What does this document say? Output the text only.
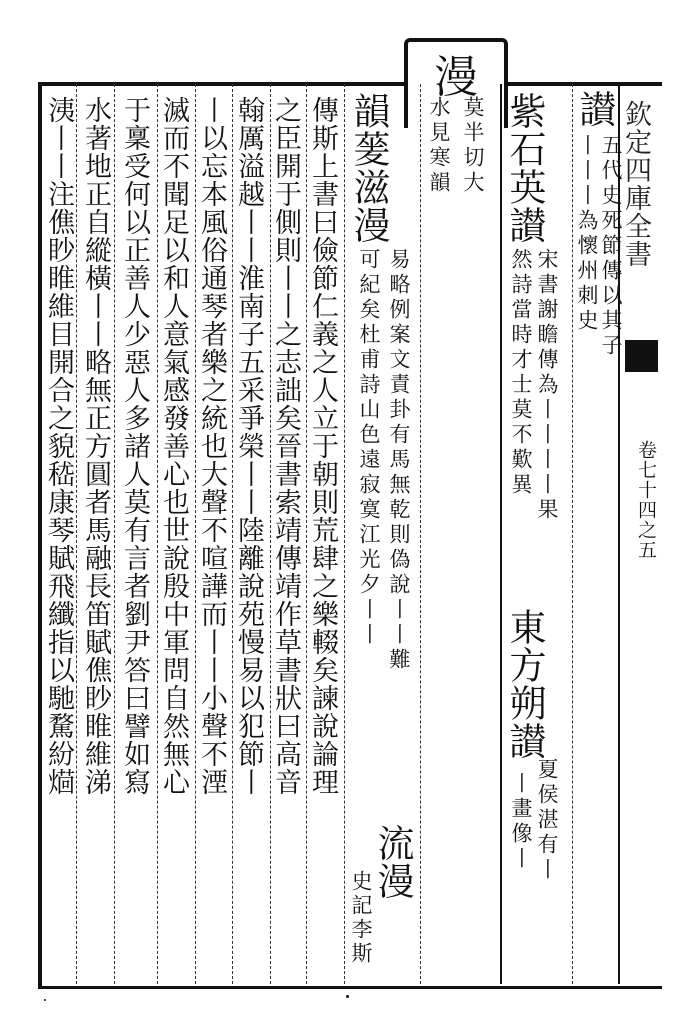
漫
欽定四庫全書
卷七十四之五
讃
五代史死節傳以其子
丨丨丨為懷州刺史
紫石英讃
宋書謝瞻傳為丨丨丨丨果
然詩當時才士莫不歎異
東方朔讃
夏侯湛有丨
丨畫像丨
莫半切大
水見寒韻
韻蓌滋漫
易略例案文責卦有馬無乾則偽說丨丨難
可紀矣杜甫詩山色遠寂寞江光夕丨丨
流漫
史記李斯
傳斯上書曰儉節仁義之人立于朝則荒肆之樂輟矣諫說論理
之臣開于側則丨丨之志詘矣晉書索靖傳靖作草書狀曰高音
翰厲溢越丨丨淮南子五采爭榮丨丨陸離說苑慢易以犯節丨
丨以忘本風俗通琴者樂之統也大聲不喧譁而丨丨小聲不湮
滅而不聞足以和人意氣感發善心也世說殷中軍問自然無心
于稟受何以正善人少惡人多諸人莫有言者劉尹答曰譬如寫
水著地正自縱橫丨丨略無正方圓者馬融長笛賦僬眇睢維涕
洟丨丨注僬眇睢維目開合之貌嵇康琴賦飛纖指以馳騖紛𤌚
